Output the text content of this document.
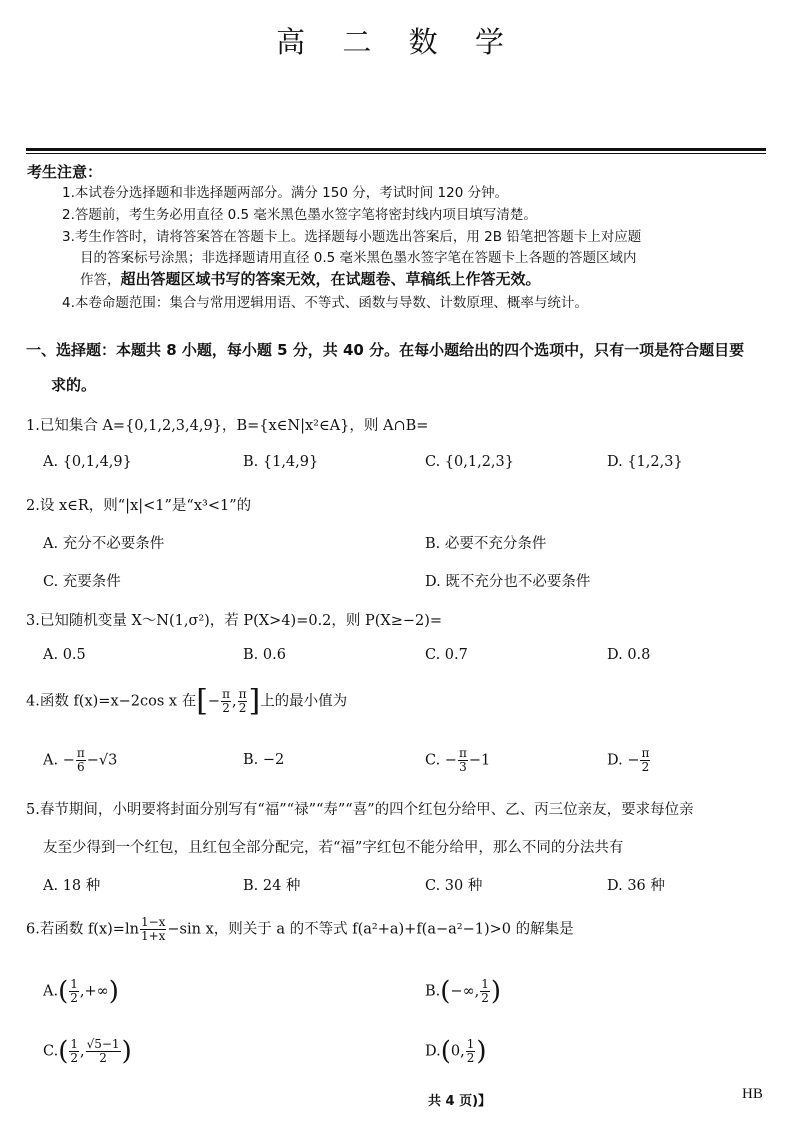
高 二 数 学
考生注意：
1.本试卷分选择题和非选择题两部分。满分 150 分，考试时间 120 分钟。
2.答题前，考生务必用直径 0.5 毫米黑色墨水签字笔将密封线内项目填写清楚。
3.考生作答时，请将答案答在答题卡上。选择题每小题选出答案后，用 2B 铅笔把答题卡上对应题
目的答案标号涂黑；非选择题请用直径 0.5 毫米黑色墨水签字笔在答题卡上各题的答题区域内
作答，超出答题区域书写的答案无效，在试题卷、草稿纸上作答无效。
4.本卷命题范围：集合与常用逻辑用语、不等式、函数与导数、计数原理、概率与统计。
一、选择题：本题共 8 小题，每小题 5 分，共 40 分。在每小题给出的四个选项中，只有一项是符合题目要
求的。
1.已知集合 A={0,1,2,3,4,9}，B={x∈N|x²∈A}，则 A∩B=
A. {0,1,4,9}	B. {1,4,9}	C. {0,1,2,3}	D. {1,2,3}
2.设 x∈R，则“|x|<1”是“x³<1”的
A. 充分不必要条件	B. 必要不充分条件
C. 充要条件	D. 既不充分也不必要条件
3.已知随机变量 X～N(1,σ²)，若 P(X>4)=0.2，则 P(X≥−2)=
A. 0.5	B. 0.6	C. 0.7	D. 0.8
4.函数 f(x)=x−2cos x 在[− $\frac{\pi}{2}$ , $\frac{\pi}{2}$ ]上的最小值为
A. − $\frac{\pi}{6} -√3$	B. −2	C. − $\frac{\pi}{3} -1$	D. − $\frac{\pi}{2}$
5.春节期间，小明要将封面分别写有“福”“禄”“寿”“喜”的四个红包分给甲、乙、丙三位亲友，要求每位亲
友至少得到一个红包，且红包全部分配完，若“福”字红包不能分给甲，那么不同的分法共有
A. 18 种	B. 24 种	C. 30 种	D. 36 种
6.若函数 $f(x)=\ln \frac{1-x}{1+x} -\sin$ x，则关于 a 的不等式 f(a²+a)+f(a−a²−1)>0 的解集是
$A.( \frac{1}{2}$ ,+∞)	B.(−∞, $\frac{1}{2}$ )
$C.( \frac{1}{2}$ , $\frac{√5-1}{2}$ )	D.(0, $\frac{1}{2}$ )
共 4 页)】	HB
